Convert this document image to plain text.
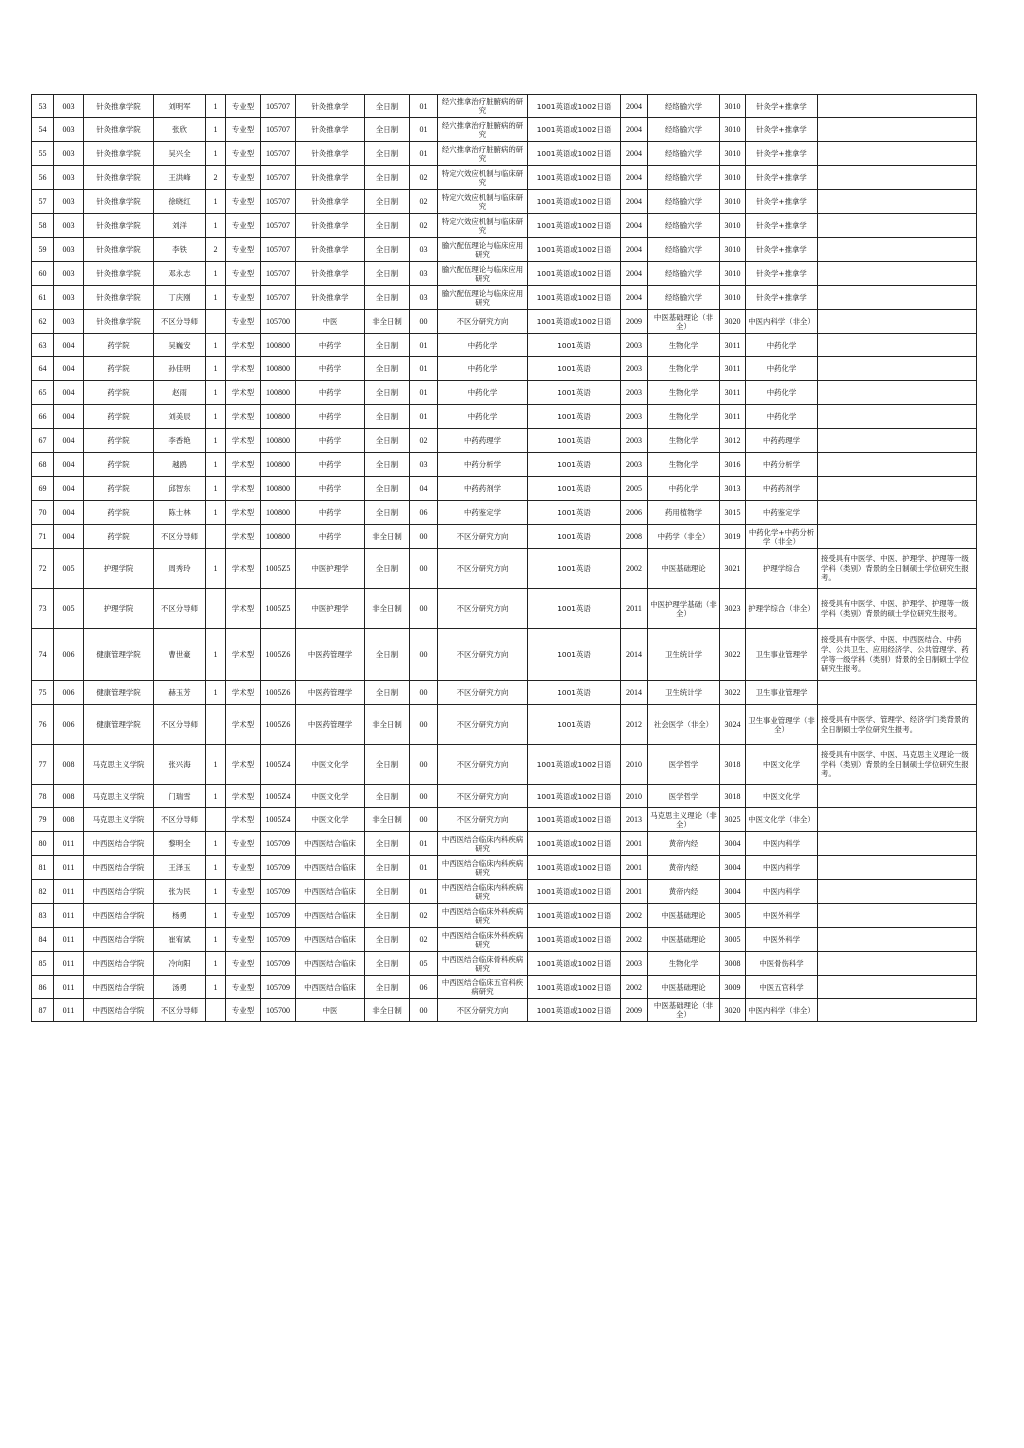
53	003	针灸推拿学院	刘明军	1	专业型	105707	针灸推拿学	全日制	01	经穴推拿治疗脏腑病的研究	1001英语或1002日语	2004	经络腧穴学	3010	针灸学+推拿学	
54	003	针灸推拿学院	张欣	1	专业型	105707	针灸推拿学	全日制	01	经穴推拿治疗脏腑病的研究	1001英语或1002日语	2004	经络腧穴学	3010	针灸学+推拿学	
55	003	针灸推拿学院	吴兴全	1	专业型	105707	针灸推拿学	全日制	01	经穴推拿治疗脏腑病的研究	1001英语或1002日语	2004	经络腧穴学	3010	针灸学+推拿学	
56	003	针灸推拿学院	王洪峰	2	专业型	105707	针灸推拿学	全日制	02	特定穴效应机制与临床研究	1001英语或1002日语	2004	经络腧穴学	3010	针灸学+推拿学	
57	003	针灸推拿学院	徐晓红	1	专业型	105707	针灸推拿学	全日制	02	特定穴效应机制与临床研究	1001英语或1002日语	2004	经络腧穴学	3010	针灸学+推拿学	
58	003	针灸推拿学院	刘洋	1	专业型	105707	针灸推拿学	全日制	02	特定穴效应机制与临床研究	1001英语或1002日语	2004	经络腧穴学	3010	针灸学+推拿学	
59	003	针灸推拿学院	李铁	2	专业型	105707	针灸推拿学	全日制	03	腧穴配伍理论与临床应用研究	1001英语或1002日语	2004	经络腧穴学	3010	针灸学+推拿学	
60	003	针灸推拿学院	邓永志	1	专业型	105707	针灸推拿学	全日制	03	腧穴配伍理论与临床应用研究	1001英语或1002日语	2004	经络腧穴学	3010	针灸学+推拿学	
61	003	针灸推拿学院	丁庆刚	1	专业型	105707	针灸推拿学	全日制	03	腧穴配伍理论与临床应用研究	1001英语或1002日语	2004	经络腧穴学	3010	针灸学+推拿学	
62	003	针灸推拿学院	不区分导师		专业型	105700	中医	非全日制	00	不区分研究方向	1001英语或1002日语	2009	中医基础理论（非全）	3020	中医内科学（非全）	
63	004	药学院	吴巍安	1	学术型	100800	中药学	全日制	01	中药化学	1001英语	2003	生物化学	3011	中药化学	
64	004	药学院	孙佳明	1	学术型	100800	中药学	全日制	01	中药化学	1001英语	2003	生物化学	3011	中药化学	
65	004	药学院	赵雨	1	学术型	100800	中药学	全日制	01	中药化学	1001英语	2003	生物化学	3011	中药化学	
66	004	药学院	刘美辰	1	学术型	100800	中药学	全日制	01	中药化学	1001英语	2003	生物化学	3011	中药化学	
67	004	药学院	李香艳	1	学术型	100800	中药学	全日制	02	中药药理学	1001英语	2003	生物化学	3012	中药药理学	
68	004	药学院	越鸥	1	学术型	100800	中药学	全日制	03	中药分析学	1001英语	2003	生物化学	3016	中药分析学	
69	004	药学院	邱智东	1	学术型	100800	中药学	全日制	04	中药药剂学	1001英语	2005	中药化学	3013	中药药剂学	
70	004	药学院	陈士林	1	学术型	100800	中药学	全日制	06	中药鉴定学	1001英语	2006	药用植物学	3015	中药鉴定学	
71	004	药学院	不区分导师		学术型	100800	中药学	非全日制	00	不区分研究方向	1001英语	2008	中药学（非全）	3019	中药化学+中药分析学（非全）	
72	005	护理学院	周秀玲	1	学术型	1005Z5	中医护理学	全日制	00	不区分研究方向	1001英语	2002	中医基础理论	3021	护理学综合	接受具有中医学、中医、护理学、护理等一级学科（类别）背景的全日制硕士学位研究生报考。
73	005	护理学院	不区分导师		学术型	1005Z5	中医护理学	非全日制	00	不区分研究方向	1001英语	2011	中医护理学基础（非全）	3023	护理学综合（非全）	接受具有中医学、中医、护理学、护理等一级学科（类别）背景的硕士学位研究生报考。
74	006	健康管理学院	曹世豪	1	学术型	1005Z6	中医药管理学	全日制	00	不区分研究方向	1001英语	2014	卫生统计学	3022	卫生事业管理学	接受具有中医学、中医、中西医结合、中药学、公共卫生、应用经济学、公共管理学、药学等一级学科（类别）背景的全日制硕士学位研究生报考。
75	006	健康管理学院	赫玉芳	1	学术型	1005Z6	中医药管理学	全日制	00	不区分研究方向	1001英语	2014	卫生统计学	3022	卫生事业管理学	
76	006	健康管理学院	不区分导师		学术型	1005Z6	中医药管理学	非全日制	00	不区分研究方向	1001英语	2012	社会医学（非全）	3024	卫生事业管理学（非全）	接受具有中医学、管理学、经济学门类背景的全日制硕士学位研究生报考。
77	008	马克思主义学院	张兴海	1	学术型	1005Z4	中医文化学	全日制	00	不区分研究方向	1001英语或1002日语	2010	医学哲学	3018	中医文化学	接受具有中医学、中医、马克思主义理论一级学科（类别）背景的全日制硕士学位研究生报考。
78	008	马克思主义学院	门瑞雪	1	学术型	1005Z4	中医文化学	全日制	00	不区分研究方向	1001英语或1002日语	2010	医学哲学	3018	中医文化学	
79	008	马克思主义学院	不区分导师		学术型	1005Z4	中医文化学	非全日制	00	不区分研究方向	1001英语或1002日语	2013	马克思主义理论（非全）	3025	中医文化学（非全）	
80	011	中西医结合学院	黎明全	1	专业型	105709	中西医结合临床	全日制	01	中西医结合临床内科疾病研究	1001英语或1002日语	2001	黄帝内经	3004	中医内科学	
81	011	中西医结合学院	王泽玉	1	专业型	105709	中西医结合临床	全日制	01	中西医结合临床内科疾病研究	1001英语或1002日语	2001	黄帝内经	3004	中医内科学	
82	011	中西医结合学院	张为民	1	专业型	105709	中西医结合临床	全日制	01	中西医结合临床内科疾病研究	1001英语或1002日语	2001	黄帝内经	3004	中医内科学	
83	011	中西医结合学院	杨勇	1	专业型	105709	中西医结合临床	全日制	02	中西医结合临床外科疾病研究	1001英语或1002日语	2002	中医基础理论	3005	中医外科学	
84	011	中西医结合学院	崔宥斌	1	专业型	105709	中西医结合临床	全日制	02	中西医结合临床外科疾病研究	1001英语或1002日语	2002	中医基础理论	3005	中医外科学	
85	011	中西医结合学院	冷向阳	1	专业型	105709	中西医结合临床	全日制	05	中西医结合临床骨科疾病研究	1001英语或1002日语	2003	生物化学	3008	中医骨伤科学	
86	011	中西医结合学院	汤勇	1	专业型	105709	中西医结合临床	全日制	06	中西医结合临床五官科疾病研究	1001英语或1002日语	2002	中医基础理论	3009	中医五官科学	
87	011	中西医结合学院	不区分导师		专业型	105700	中医	非全日制	00	不区分研究方向	1001英语或1002日语	2009	中医基础理论（非全）	3020	中医内科学（非全）	
